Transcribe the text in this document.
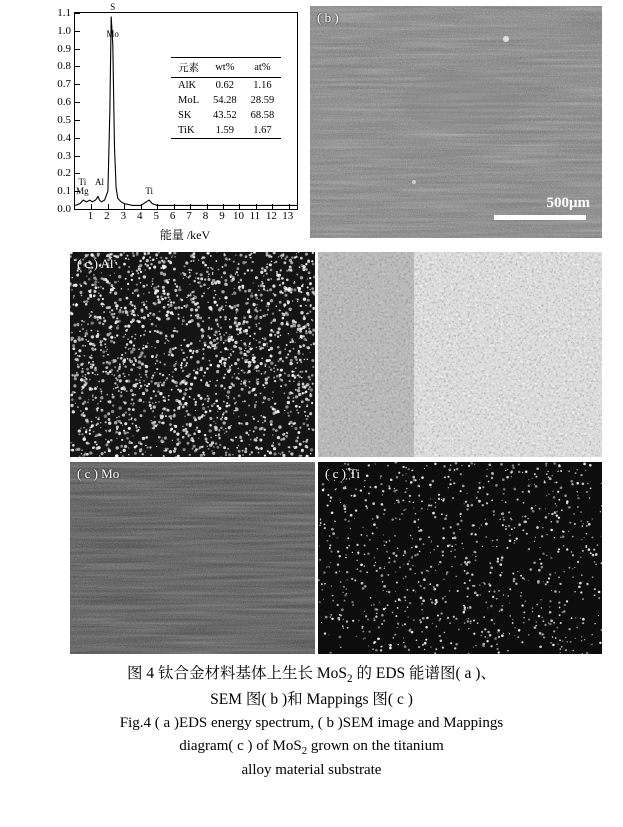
0.0
0.1
0.2
0.3
0.4
0.5
0.6
0.7
0.8
0.9
1.0
1.1	S
Mo
Al
Ti
Mg	Ti
元素	wt%	at%
AlK	0.62	1.16
MoL	54.28	28.59
SK	43.52	68.58
TiK	1.59	1.67
1 2 3 4 5 6 7 8 9 10 11 12 13
能量 /keV
( b )
500μm
( c ) Al
( c ) Mo	( c ) Ti
图 4 钛合金材料基体上生长 MoS$_2$ 的 EDS 能谱图( a )、
SEM 图( b )和 Mappings 图( c )
Fig.4 ( a )EDS energy spectrum, ( b )SEM image and Mappings
diagram( c ) of MoS$_2$ grown on the titanium
alloy material substrate
